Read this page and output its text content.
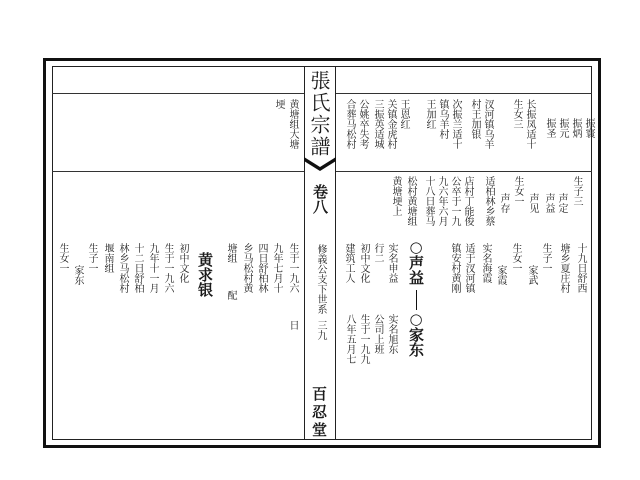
張氏宗譜
卷八
修義公支下世系
三九
百忍堂
振寰
振炳
振元
振圣
长振凤适十
生女三
汊河镇乌羊
村王加银
次振兰适十
镇乌羊村
王加红
王恩红
关镇金虎村
三振英适城
公姚卒失考
合葬马松村
生子三
声定
声益
声见
生女一
声存
适柏林乡蔡
店村丁能俊
公卒于一九
九六年六月
十八日葬马
松村黄塘组
黄塘埂上
十九日舒西
塘乡夏庄村
生子一
家武
生女一
家霞
实名海霞
适于汊河镇
镇安村黄刚
○
声益
○
家东
实名申益
行二
建筑工人
实名旭东
公司上班
生于一九九
初中文化
八年五月七
黄塘组大塘
埂
生于一九六
九年七月十
四日舒柏林
乡马松村黄
塘组
配
日
黄求银
初中文化
生于一九六
九年十一月
十二日舒柏
林乡马松村
堰南组
生子一
家东
生女一
